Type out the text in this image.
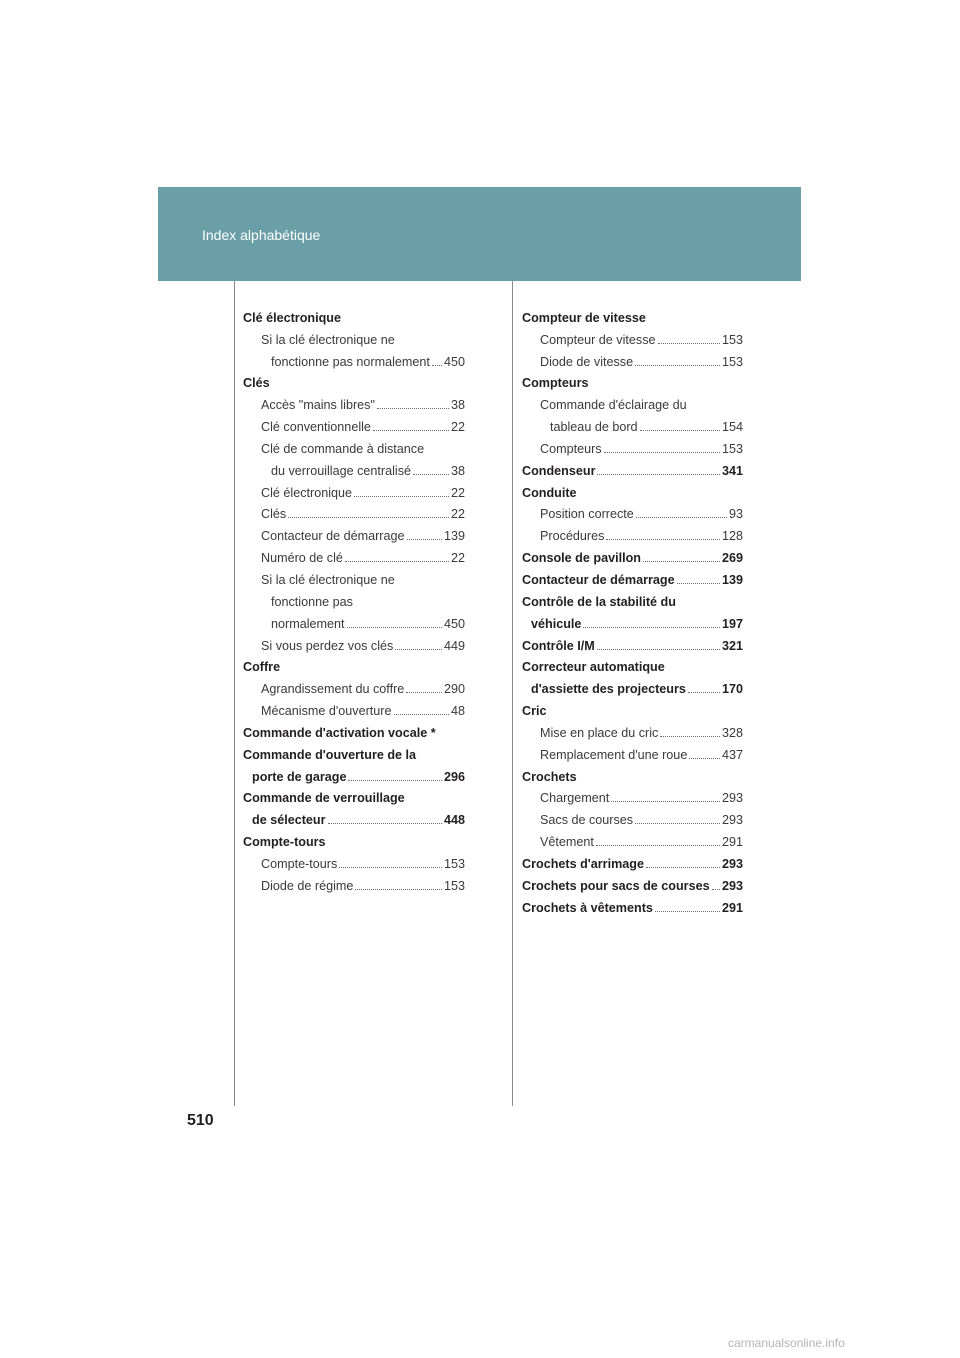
Index alphabétique
Clé électronique
Si la clé électronique ne
fonctionne pas normalement 450
Clés
Accès "mains libres"	38
Clé conventionnelle	22
Clé de commande à distance
du verrouillage centralisé	38
Clé électronique	22
Clés	22
Contacteur de démarrage	139
Numéro de clé	22
Si la clé électronique ne
fonctionne pas
normalement	450
Si vous perdez vos clés	449
Coffre
Agrandissement du coffre	290
Mécanisme d'ouverture	48
Commande d'activation vocale *
Commande d'ouverture de la
porte de garage	296
Commande de verrouillage
de sélecteur	448
Compte-tours
Compte-tours	153
Diode de régime	153
Compteur de vitesse
Compteur de vitesse	153
Diode de vitesse	153
Compteurs
Commande d'éclairage du
tableau de bord	154
Compteurs	153
Condenseur	341
Conduite
Position correcte	93
Procédures	128
Console de pavillon	269
Contacteur de démarrage	139
Contrôle de la stabilité du
véhicule	197
Contrôle I/M	321
Correcteur automatique
d'assiette des projecteurs	170
Cric
Mise en place du cric	328
Remplacement d'une roue	437
Crochets
Chargement	293
Sacs de courses	293
Vêtement	291
Crochets d'arrimage	293
Crochets pour sacs de courses 293
Crochets à vêtements	291
510
carmanualsonline.info
